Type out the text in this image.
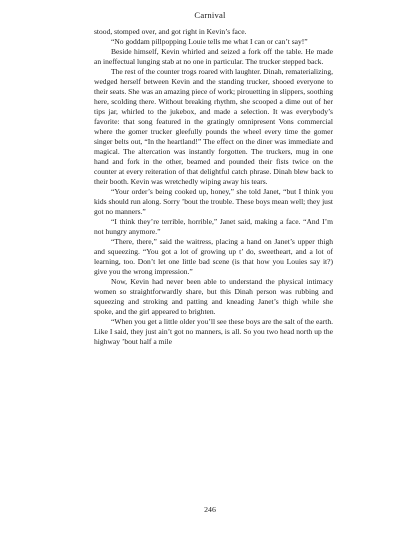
Carnival

stood, stomped over, and got right in Kevin’s face.

“No goddam pillpopping Louie tells me what I can or can’t say!”

Beside himself, Kevin whirled and seized a fork off the table. He made an ineffectual lunging stab at no one in particular. The trucker stepped back.

The rest of the counter trogs roared with laughter. Dinah, rematerializing, wedged herself between Kevin and the standing trucker, shooed everyone to their seats. She was an amazing piece of work; pirouetting in slippers, soothing here, scolding there. Without breaking rhythm, she scooped a dime out of her tips jar, whirled to the jukebox, and made a selection. It was everybody’s favorite: that song featured in the gratingly omnipresent Vons commercial where the gomer trucker gleefully pounds the wheel every time the gomer singer belts out, “In the heartland!” The effect on the diner was immediate and magical. The altercation was instantly forgotten. The truckers, mug in one hand and fork in the other, beamed and pounded their fists twice on the counter at every reiteration of that delightful catch phrase. Dinah blew back to their booth. Kevin was wretchedly wiping away his tears.

“Your order’s being cooked up, honey,” she told Janet, “but I think you kids should run along. Sorry ’bout the trouble. These boys mean well; they just got no manners.”

“I think they’re terrible, horrible,” Janet said, making a face. “And I’m not hungry anymore.”

“There, there,” said the waitress, placing a hand on Janet’s upper thigh and squeezing. “You got a lot of growing up t’ do, sweetheart, and a lot of learning, too. Don’t let one little bad scene (is that how you Louies say it?) give you the wrong impression.”

Now, Kevin had never been able to understand the physical intimacy women so straightforwardly share, but this Dinah person was rubbing and squeezing and stroking and patting and kneading Janet’s thigh while she spoke, and the girl appeared to brighten.

“When you get a little older you’ll see these boys are the salt of the earth. Like I said, they just ain’t got no manners, is all. So you two head north up the highway ’bout half a mile

246
